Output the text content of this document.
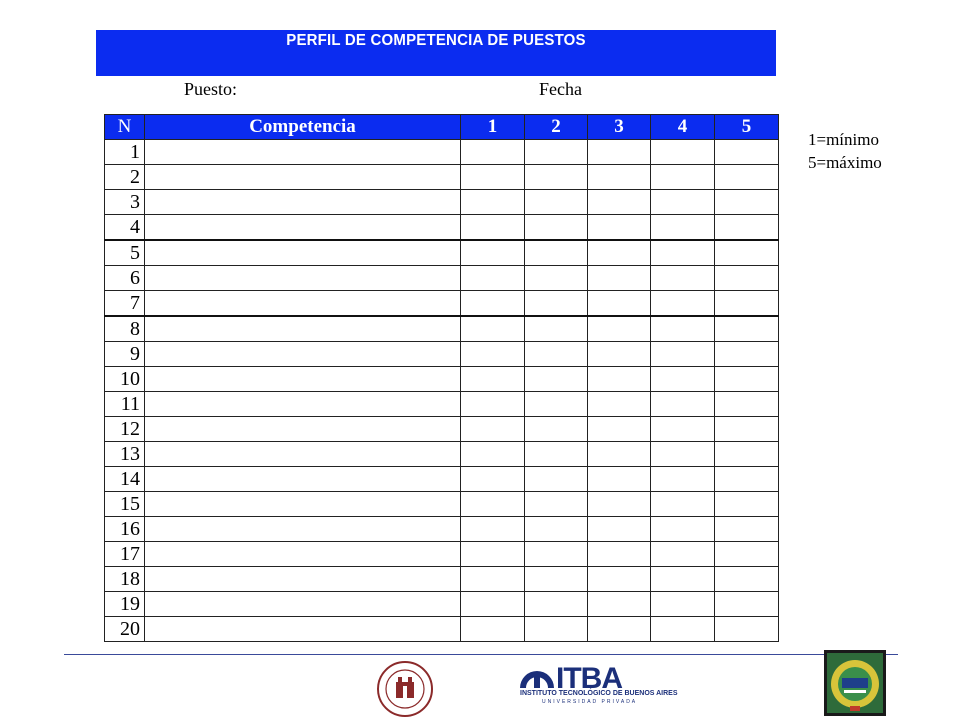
PERFIL DE COMPETENCIA DE PUESTOS
Puesto:	Fecha
1=mínimo
5=máximo
N	Competencia	1	2	3	4	5
1						
2						
3						
4						
5						
6						
7						
8						
9						
10						
11						
12						
13						
14						
15						
16						
17						
18						
19						
20						
ITBA
INSTITUTO TECNOLÓGICO DE BUENOS AIRES
UNIVERSIDAD PRIVADA
